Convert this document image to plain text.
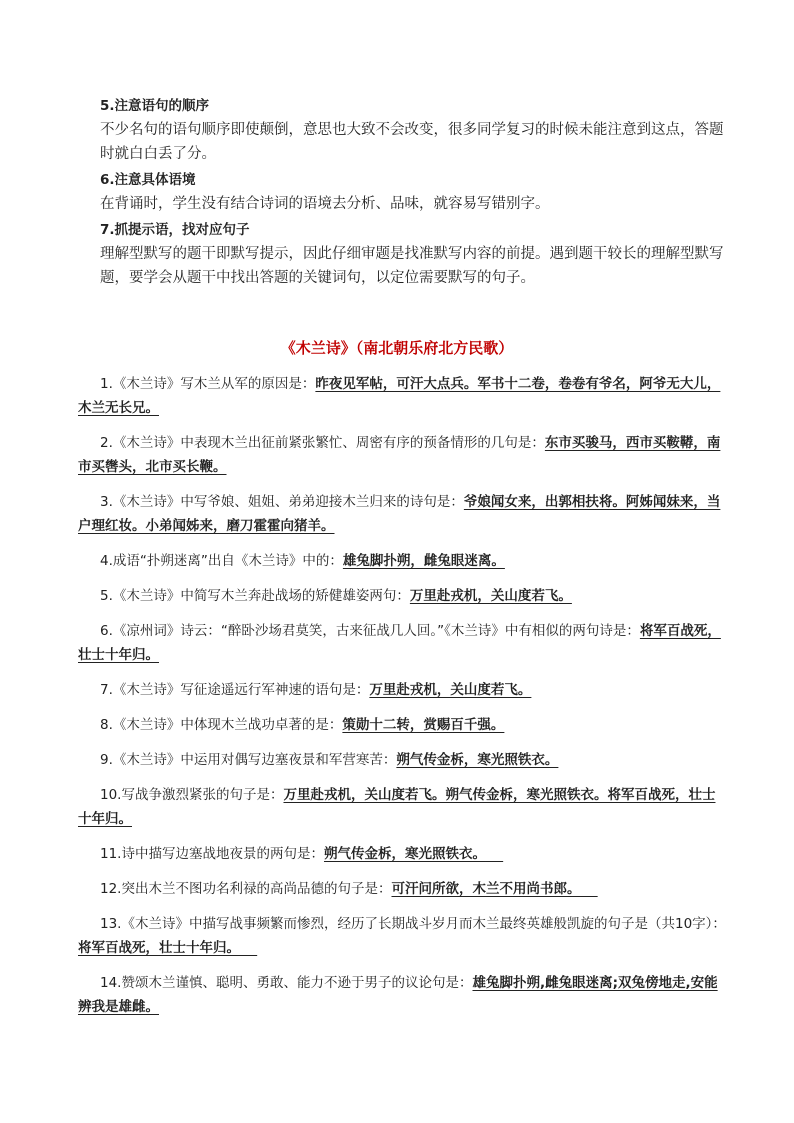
5.注意语句的顺序

不少名句的语句顺序即使颠倒，意思也大致不会改变，很多同学复习的时候未能注意到这点，答题时就白白丢了分。

6.注意具体语境

在背诵时，学生没有结合诗词的语境去分析、品味，就容易写错别字。

7.抓提示语，找对应句子

理解型默写的题干即默写提示，因此仔细审题是找准默写内容的前提。遇到题干较长的理解型默写题，要学会从题干中找出答题的关键词句，以定位需要默写的句子。

《木兰诗》（南北朝乐府北方民歌）

1.《木兰诗》写木兰从军的原因是：昨夜见军帖，可汗大点兵。军书十二卷，卷卷有爷名，阿爷无大儿，木兰无长兄。

2.《木兰诗》中表现木兰出征前紧张繁忙、周密有序的预备情形的几句是：东市买骏马，西市买鞍鞯，南市买辔头，北市买长鞭。

3.《木兰诗》中写爷娘、姐姐、弟弟迎接木兰归来的诗句是：爷娘闻女来，出郭相扶将。阿姊闻妹来，当户理红妆。小弟闻姊来，磨刀霍霍向猪羊。

4.成语“扑朔迷离”出自《木兰诗》中的：雄兔脚扑朔，雌兔眼迷离。

5.《木兰诗》中简写木兰奔赴战场的矫健雄姿两句：万里赴戎机，关山度若飞。

6.《凉州词》诗云：“醉卧沙场君莫笑，古来征战几人回。”《木兰诗》中有相似的两句诗是：将军百战死，壮士十年归。

7.《木兰诗》写征途遥远行军神速的语句是：万里赴戎机，关山度若飞。

8.《木兰诗》中体现木兰战功卓著的是：策勋十二转，赏赐百千强。

9.《木兰诗》中运用对偶写边塞夜景和军营寒苦：朔气传金柝，寒光照铁衣。

10.写战争激烈紧张的句子是：万里赴戎机，关山度若飞。朔气传金柝，寒光照铁衣。将军百战死，壮士十年归。

11.诗中描写边塞战地夜景的两句是：朔气传金柝，寒光照铁衣。

12.突出木兰不图功名利禄的高尚品德的句子是：可汗问所欲，木兰不用尚书郎。

13.《木兰诗》中描写战事频繁而惨烈，经历了长期战斗岁月而木兰最终英雄般凯旋的句子是（共10字）：将军百战死，壮士十年归。

14.赞颂木兰谨慎、聪明、勇敢、能力不逊于男子的议论句是：雄兔脚扑朔,雌兔眼迷离;双兔傍地走,安能辨我是雄雌。
